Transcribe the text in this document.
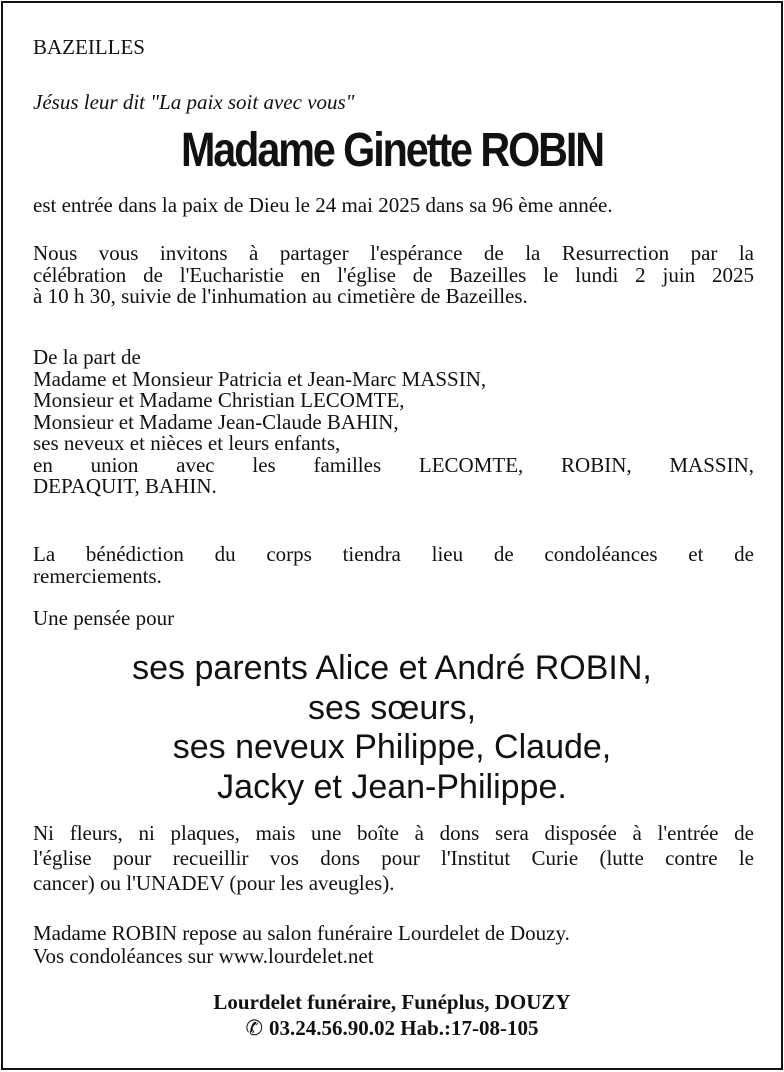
BAZEILLES
Jésus leur dit "La paix soit avec vous"
Madame Ginette ROBIN
est entrée dans la paix de Dieu le 24 mai 2025 dans sa 96 ème année.
Nous vous invitons à partager l'espérance de la Resurrection par la
célébration de l'Eucharistie en l'église de Bazeilles le lundi 2 juin 2025
à 10 h 30, suivie de l'inhumation au cimetière de Bazeilles.
De la part de
Madame et Monsieur Patricia et Jean-Marc MASSIN,
Monsieur et Madame Christian LECOMTE,
Monsieur et Madame Jean-Claude BAHIN,
ses neveux et nièces et leurs enfants,
en union avec les familles LECOMTE, ROBIN, MASSIN,
DEPAQUIT, BAHIN.
La bénédiction du corps tiendra lieu de condoléances et de
remerciements.
Une pensée pour
ses parents Alice et André ROBIN,
ses sœurs,
ses neveux Philippe, Claude,
Jacky et Jean-Philippe.
Ni fleurs, ni plaques, mais une boîte à dons sera disposée à l'entrée de
l'église pour recueillir vos dons pour l'Institut Curie (lutte contre le
cancer) ou l'UNADEV (pour les aveugles).
Madame ROBIN repose au salon funéraire Lourdelet de Douzy.
Vos condoléances sur www.lourdelet.net
Lourdelet funéraire, Funéplus, DOUZY
✆ 03.24.56.90.02 Hab.:17-08-105
